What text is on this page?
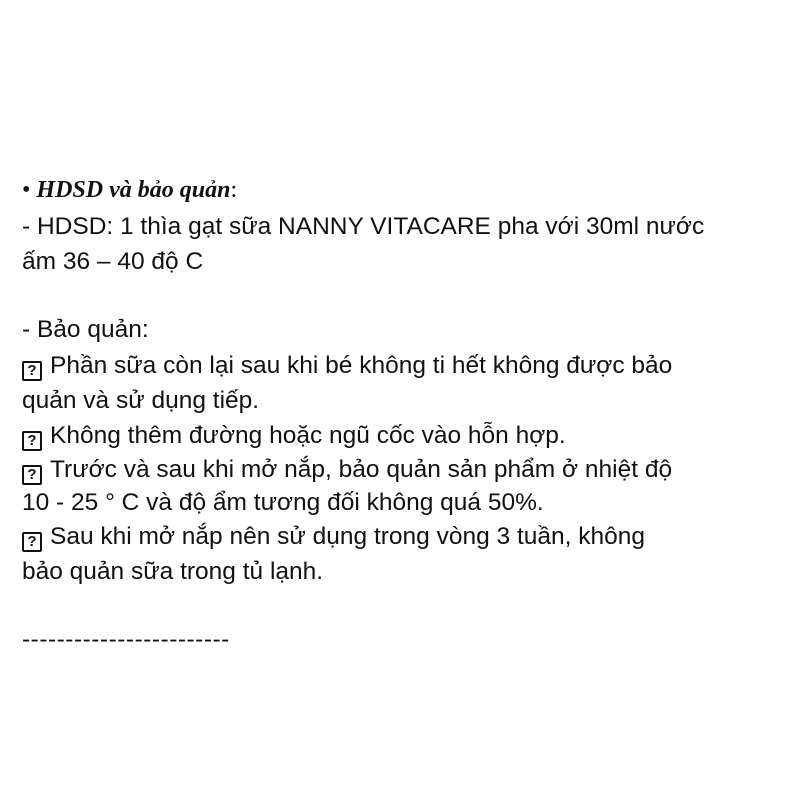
• HDSD và bảo quản:
- HDSD: 1 thìa gạt sữa NANNY VITACARE pha với 30ml nước
ấm 36 – 40 độ C
- Bảo quản:
? Phần sữa còn lại sau khi bé không ti hết không được bảo
quản và sử dụng tiếp.
? Không thêm đường hoặc ngũ cốc vào hỗn hợp.
? Trước và sau khi mở nắp, bảo quản sản phẩm ở nhiệt độ
10 - 25 ° C và độ ẩm tương đối không quá 50%.
? Sau khi mở nắp nên sử dụng trong vòng 3 tuần, không
bảo quản sữa trong tủ lạnh.
------------------------
